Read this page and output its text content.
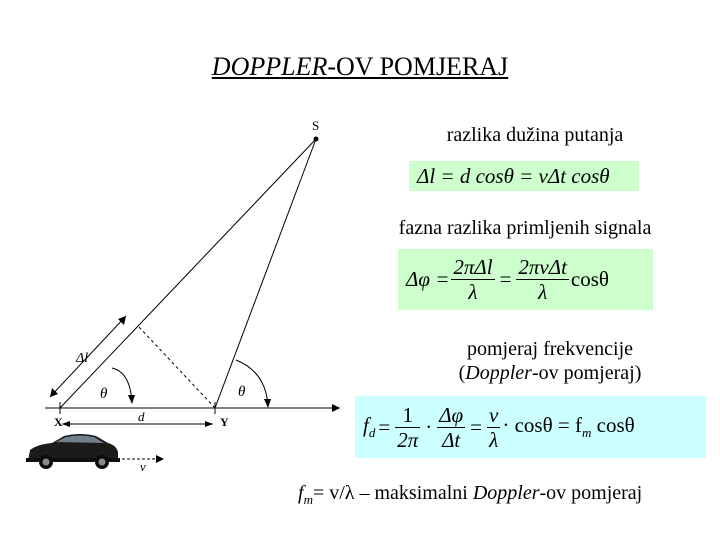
DOPPLER-OV POMJERAJ
S
Δl
d
θ	θ
X	Y
v
razlika dužina putanja
Δl = d cosθ = vΔt cosθ
fazna razlika primljenih signala
$\Delta\varphi = \frac{\text{2πΔl}}{\lambda} = \frac{\text{2πvΔt}}{\lambda}$ cosθ
pomjeraj frekvencije
(Doppler-ov pomjeraj)
$f_d = \frac{1}{2\pi} \cdot \frac{\Delta\varphi}{\Delta t} = \frac{v}{\lambda} \cdot \cos\theta = f_m$ cosθ
$f_m= v/\lambda$ – maksimalni Doppler-ov pomjeraj
